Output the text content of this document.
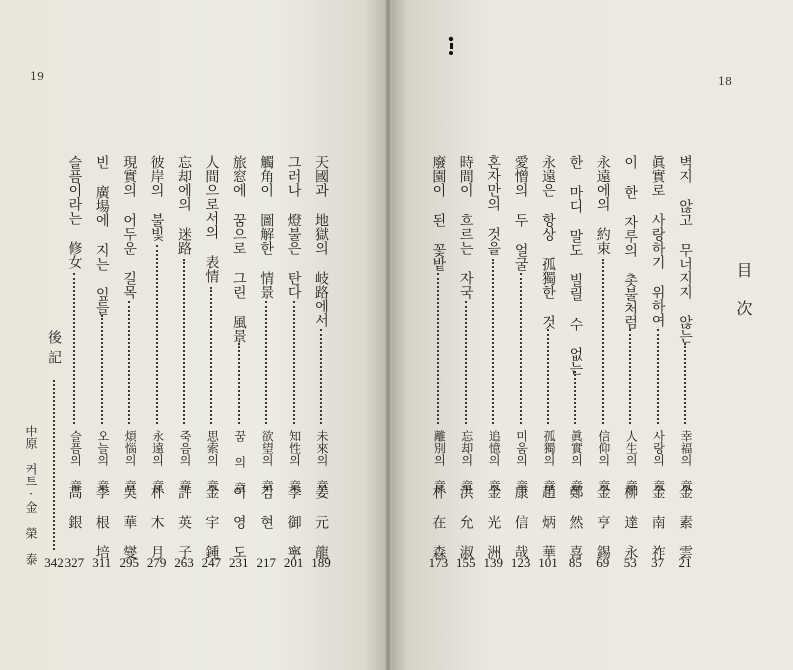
19	18
目次
벽지 않고 무너지지 않는
幸福의 章
金 素 雲
21
眞實로 사랑하기 위하여
사랑의 章
金 南 祚
37
이 한 자루의 촛불처럼
人生의 章
柳 達 永
53
永遠에의 約束
信仰의 章
金 亨 錫
69
한 마디 말도 빌릴 수 없는
眞實의 章
鄭 然 喜
85
永遠은 항상 孤獨한 것
孤獨의 章
趙 炳 華
101
愛憎의 두 얼굴
미움의 章
康 信 哉
123
혼자만의 것을
追憶의 章
金 光 洲
139
時間이 흐르는 자국
忘却의 章
洪 允 淑
155
廢園이 된 꽃밭
離別의 章
朴 在 森
173
天國과 地獄의 岐路에서
未來의 章
姜 元 龍
189
그러나 燈불은 탄다
知性의 章
李 御 寧
201
觸角이 圖解한 情景
欲望의 章
김 현
217
旅窓에 꿈으로 그린 風景
꿈 의 章
이 영 도
231
人間으로서의 表情
思索의 章
金 宇 鍾
247
忘却에의 迷路
죽음의 章
許 英 子
263
彼岸의 불빛
永遠의 章
朴 木 月
279
現實의 어두운 길목
煩惱의 章
吳 華 燮
295
빈 廣場에 지는 잎들
오늘의 章
李 根 培
311
슬픔이라는 修女
슬픔의 章
高 銀
327
後記
342
中原 커트·金 榮 泰
